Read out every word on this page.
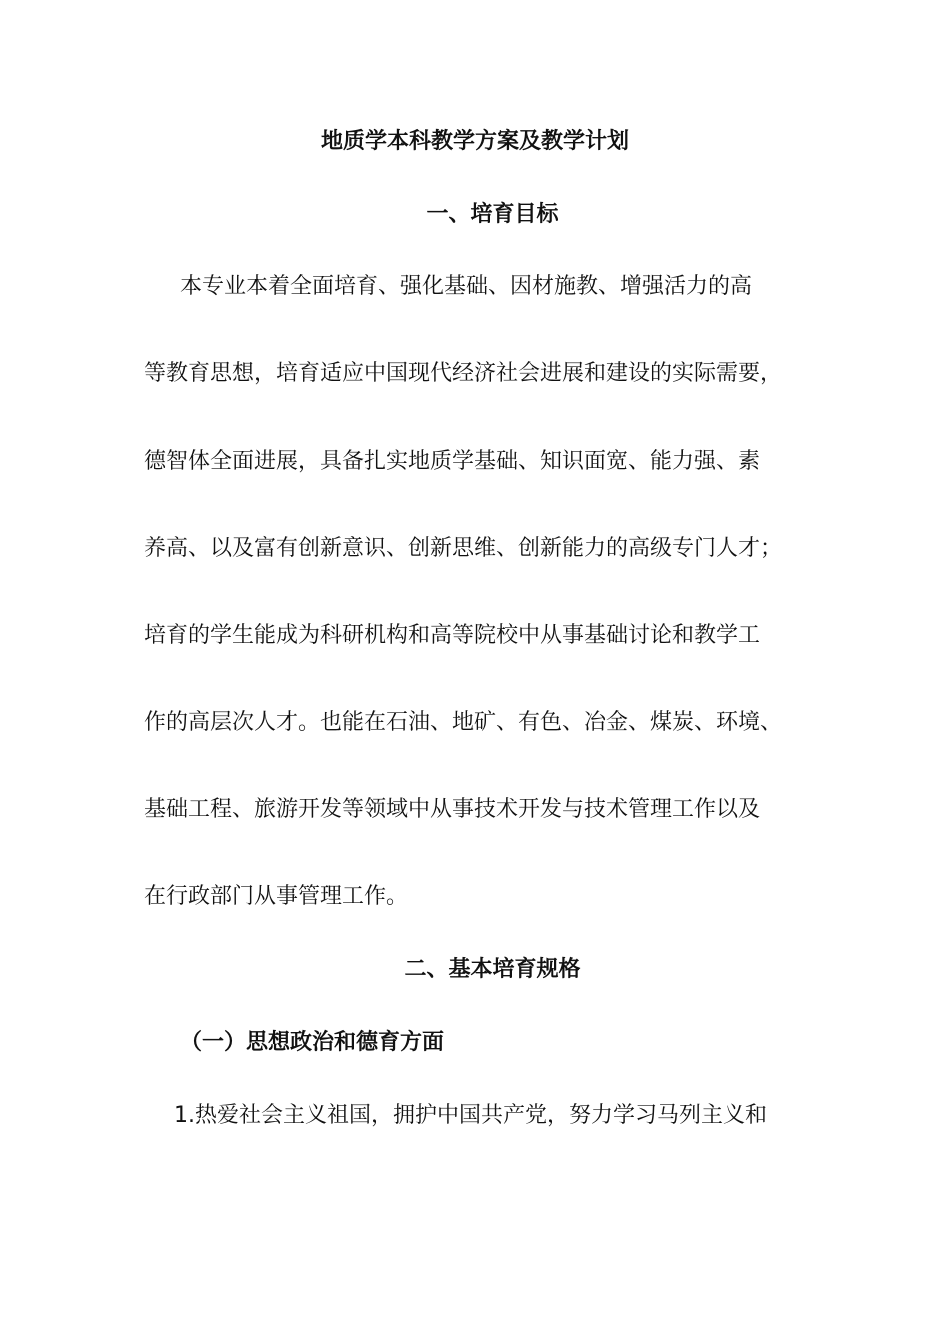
地质学本科教学方案及教学计划
一、培育目标
本专业本着全面培育、强化基础、因材施教、增强活力的高
等教育思想，培育适应中国现代经济社会进展和建设的实际需要，
德智体全面进展，具备扎实地质学基础、知识面宽、能力强、素
养高、以及富有创新意识、创新思维、创新能力的高级专门人才；
培育的学生能成为科研机构和高等院校中从事基础讨论和教学工
作的高层次人才。也能在石油、地矿、有色、冶金、煤炭、环境、
基础工程、旅游开发等领域中从事技术开发与技术管理工作以及
在行政部门从事管理工作。
二、基本培育规格
（一）思想政治和德育方面
1.热爱社会主义祖国，拥护中国共产党，努力学习马列主义和
